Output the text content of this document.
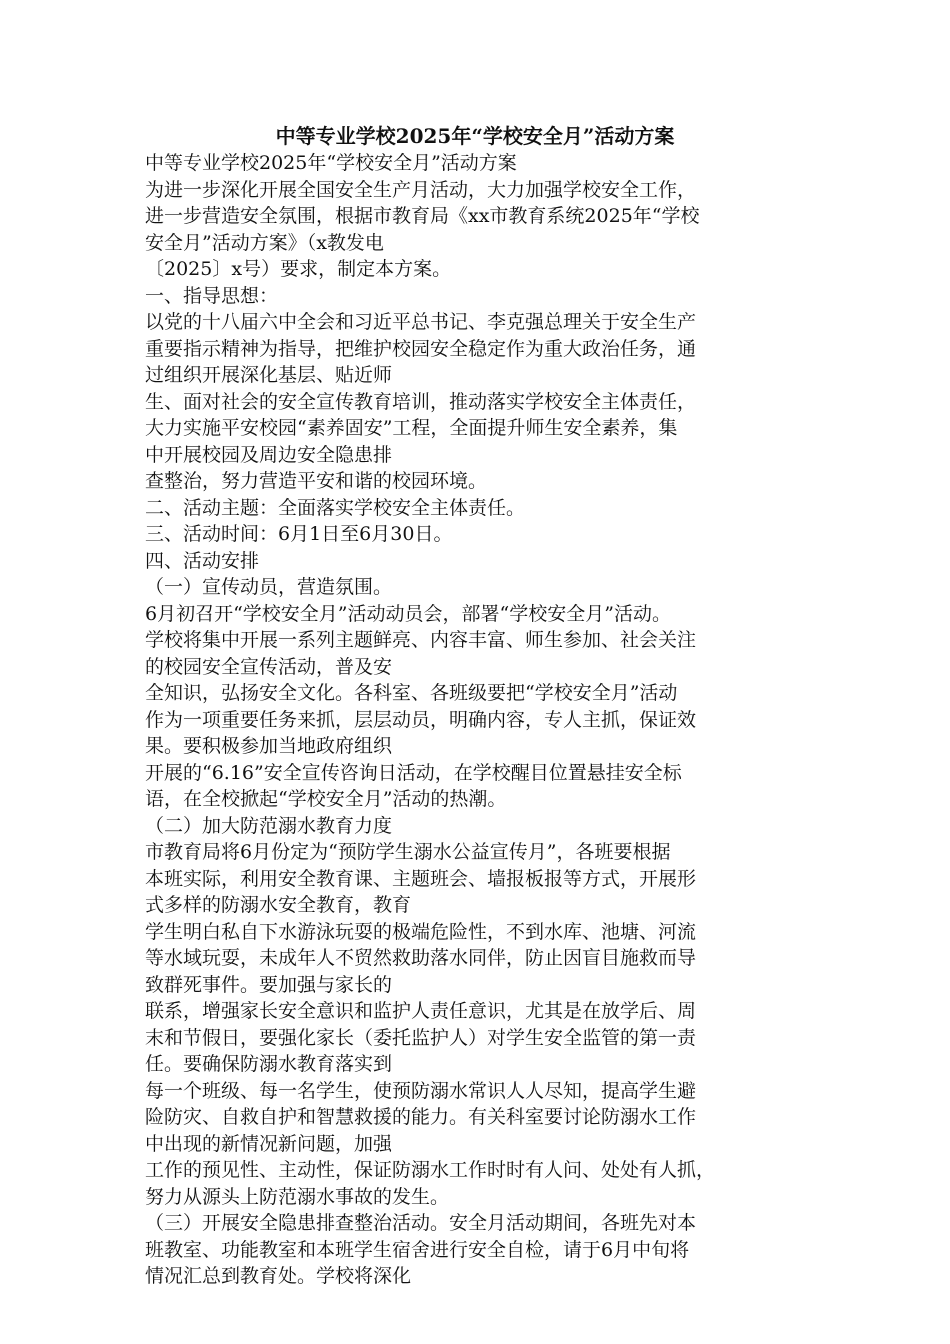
中等专业学校2025年“学校安全月”活动方案
中等专业学校2025年“学校安全月”活动方案
为进一步深化开展全国安全生产月活动，大力加强学校安全工作，
进一步营造安全氛围，根据市教育局《xx市教育系统2025年“学校
安全月”活动方案》（x教发电
〔2025〕x号）要求，制定本方案。
一、指导思想：
以党的十八届六中全会和习近平总书记、李克强总理关于安全生产
重要指示精神为指导，把维护校园安全稳定作为重大政治任务，通
过组织开展深化基层、贴近师
生、面对社会的安全宣传教育培训，推动落实学校安全主体责任，
大力实施平安校园“素养固安”工程，全面提升师生安全素养，集
中开展校园及周边安全隐患排
查整治，努力营造平安和谐的校园环境。
二、活动主题：全面落实学校安全主体责任。
三、活动时间：6月1日至6月30日。
四、活动安排
（一）宣传动员，营造氛围。
6月初召开“学校安全月”活动动员会，部署“学校安全月”活动。
学校将集中开展一系列主题鲜亮、内容丰富、师生参加、社会关注
的校园安全宣传活动，普及安
全知识，弘扬安全文化。各科室、各班级要把“学校安全月”活动
作为一项重要任务来抓，层层动员，明确内容，专人主抓，保证效
果。要积极参加当地政府组织
开展的“6.16”安全宣传咨询日活动，在学校醒目位置悬挂安全标
语，在全校掀起“学校安全月”活动的热潮。
（二）加大防范溺水教育力度
市教育局将6月份定为“预防学生溺水公益宣传月”，各班要根据
本班实际，利用安全教育课、主题班会、墙报板报等方式，开展形
式多样的防溺水安全教育，教育
学生明白私自下水游泳玩耍的极端危险性，不到水库、池塘、河流
等水域玩耍，未成年人不贸然救助落水同伴，防止因盲目施救而导
致群死事件。要加强与家长的
联系，增强家长安全意识和监护人责任意识，尤其是在放学后、周
末和节假日，要强化家长（委托监护人）对学生安全监管的第一责
任。要确保防溺水教育落实到
每一个班级、每一名学生，使预防溺水常识人人尽知，提高学生避
险防灾、自救自护和智慧救援的能力。有关科室要讨论防溺水工作
中出现的新情况新问题，加强
工作的预见性、主动性，保证防溺水工作时时有人问、处处有人抓，
努力从源头上防范溺水事故的发生。
（三）开展安全隐患排查整治活动。安全月活动期间，各班先对本
班教室、功能教室和本班学生宿舍进行安全自检，请于6月中旬将
情况汇总到教育处。学校将深化
